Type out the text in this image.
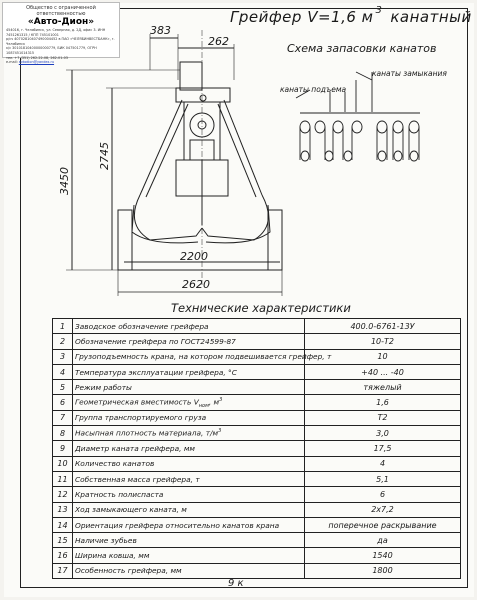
Общество с ограниченной ответственностью
«Авто-Дион»
454016, г. Челябинск, ул. Северная, д. 2Д, офис 3. ИНН 7451261315 / КПП 745101001
р/сч 40702810407490004452 в ПАО «ЧЕЛЯБИНВЕСТБАНК», г. Челябинск
к/с 30101810400000000779, БИК 047501779, ОГРН 1087451014315
тел. +7 (351) 262-22-08, 262-01-03
e-mail: avtodion@yandex.ru
Грейфер V=1,6 м $^3$ канатный
383
262
3450
2745
2200
2620
Схема запасовки канатов
канаты замыкания
канаты подъема
Технические характеристики
1	Заводское обозначение грейфера	400.0-6761-13У
2	Обозначение грейфера по ГОСТ24599-87	10-Т2
3	Грузоподъемность крана, на котором подвешивается грейфер, т	10
4	Температура эксплуатации грейфера, °С	+40 ... -40
5	Режим работы	тяжелый
6	Геометрическая вместимость $V_{ном}$, $м^3$	1,6
7	Группа транспортируемого груза	Т2
8	Насыпная плотность материала, $т/м^3$	3,0
9	Диаметр каната грейфера, мм	17,5
10	Количество канатов	4
11	Собственная масса грейфера, т	5,1
12	Кратность полиспаста	6
13	Ход замыкающего каната, м	2х7,2
14	Ориентация грейфера относительно канатов крана	поперечное раскрывание
15	Наличие зубьев	да
16	Ширина ковша, мм	1540
17	Особенность грейфера, мм	1800
9 к
